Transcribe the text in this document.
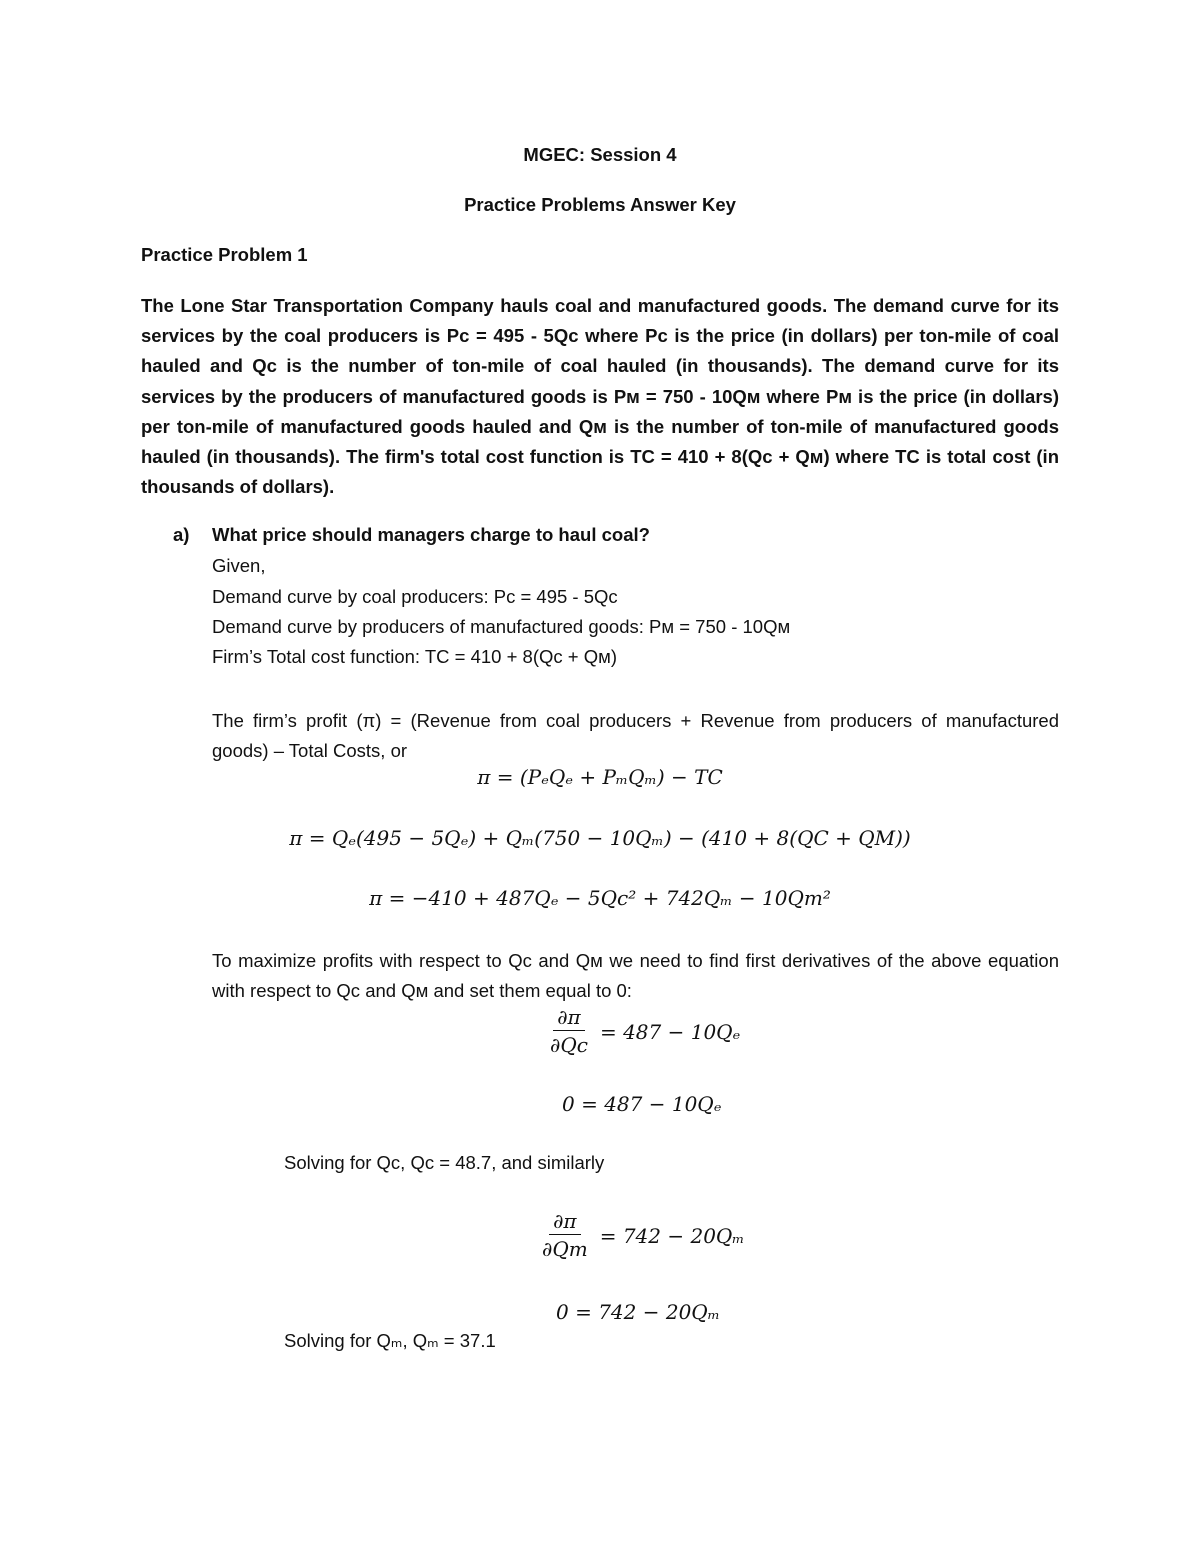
MGEC: Session 4
Practice Problems Answer Key
Practice Problem 1
The Lone Star Transportation Company hauls coal and manufactured goods. The demand curve for its services by the coal producers is Pᴄ = 495 - 5Qᴄ where Pᴄ is the price (in dollars) per ton-mile of coal hauled and Qᴄ is the number of ton-mile of coal hauled (in thousands). The demand curve for its services by the producers of manufactured goods is Pᴍ = 750 - 10Qᴍ where Pᴍ is the price (in dollars) per ton-mile of manufactured goods hauled and Qᴍ is the number of ton-mile of manufactured goods hauled (in thousands). The firm's total cost function is TC = 410 + 8(Qᴄ + Qᴍ) where TC is total cost (in thousands of dollars).
a) What price should managers charge to haul coal?
Given,
Demand curve by coal producers: Pᴄ = 495 - 5Qᴄ
Demand curve by producers of manufactured goods: Pᴍ = 750 - 10Qᴍ
Firm’s Total cost function: TC = 410 + 8(Qᴄ + Qᴍ)
The firm’s profit (π) = (Revenue from coal producers + Revenue from producers of manufactured goods) – Total Costs, or
π = (PₑQₑ + PₘQₘ) − TC
π = Qₑ(495 − 5Qₑ) + Qₘ(750 − 10Qₘ) − (410 + 8(QC + QM))
π = −410 + 487Qₑ − 5Qc² + 742Qₘ − 10Qm²
To maximize profits with respect to Qᴄ and Qᴍ we need to find first derivatives of the above equation with respect to Qᴄ and Qᴍ and set them equal to 0:
$\frac{\partial\pi}{\partial Qc} = 487 - 10Q_e$
0 = 487 − 10Qₑ
Solving for Qᴄ, Qᴄ = 48.7, and similarly
$\frac{\partial\pi}{\partial Qm} = 742 - 20Q_m$
0 = 742 − 20Qₘ
Solving for Qₘ, Qₘ = 37.1
